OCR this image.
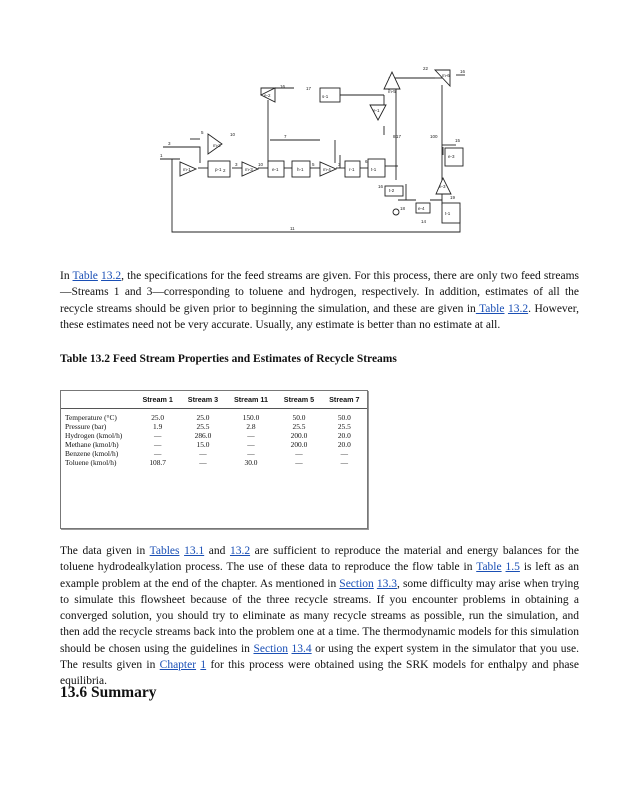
m-2
1
5
3
10
m-1	p-1	m-3	e-1	h-1	m-4	r-1	t-1
s-1
e-2
e-1
m-5
m-6
e-3
e-3
t-2
e-4
t-1
17
16
7	8 17
22
16
100
15
14
19
2
3	10	5	3
6
16
18
11

In Table 13.2, the specifications for the feed streams are given. For this process, there are only two feed streams—Streams 1 and 3—corresponding to toluene and hydrogen, respectively. In addition, estimates of all the recycle streams should be given prior to beginning the simulation, and these are given in Table 13.2. However, these estimates need not be very accurate. Usually, any estimate is better than no estimate at all.

Table 13.2 Feed Stream Properties and Estimates of Recycle Streams

	Stream 1	Stream 3	Stream 11	Stream 5	Stream 7
Temperature (°C)	25.0	25.0	150.0	50.0	50.0
Pressure (bar)	1.9	25.5	2.8	25.5	25.5
Hydrogen (kmol/h)	—	286.0	—	200.0	20.0
Methane (kmol/h)	—	15.0	—	200.0	20.0
Benzene (kmol/h)	—	—	—	—	—
Toluene (kmol/h)	108.7	—	30.0	—	—

The data given in Tables 13.1 and 13.2 are sufficient to reproduce the material and energy balances for the toluene hydrodealkylation process. The use of these data to reproduce the flow table in Table 1.5 is left as an example problem at the end of the chapter. As mentioned in Section 13.3, some difficulty may arise when trying to simulate this flowsheet because of the three recycle streams. If you encounter problems in obtaining a converged solution, you should try to eliminate as many recycle streams as possible, run the simulation, and then add the recycle streams back into the problem one at a time. The thermodynamic models for this simulation should be chosen using the guidelines in Section 13.4 or using the expert system in the simulator that you use. The results given in Chapter 1 for this process were obtained using the SRK models for enthalpy and phase equilibria.

13.6 Summary
